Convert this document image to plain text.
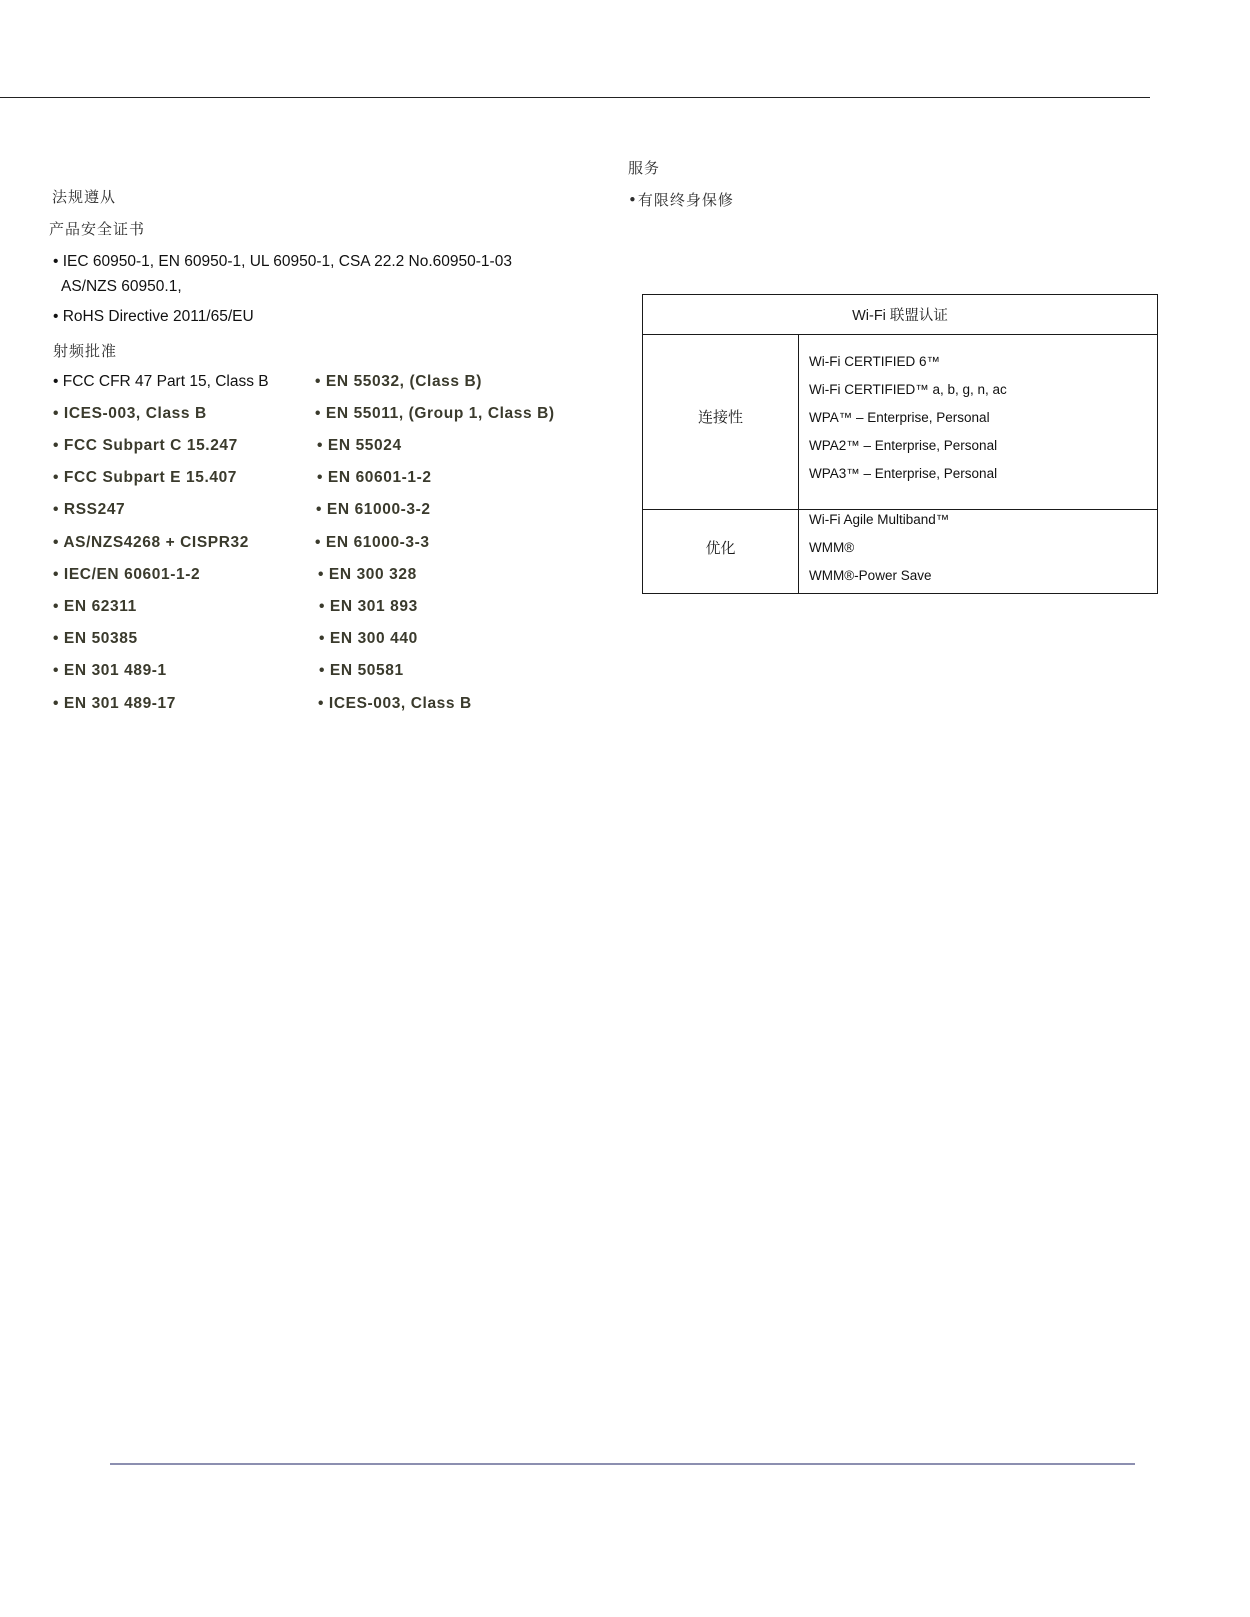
法规遵从
产品安全证书
• IEC 60950-1, EN 60950-1, UL 60950-1, CSA 22.2 No.60950-1-03
AS/NZS 60950.1,
• RoHS Directive 2011/65/EU
射频批准
• FCC CFR 47 Part 15, Class B
• ICES-003, Class B
• FCC Subpart C 15.247
• FCC Subpart E 15.407
• RSS247
• AS/NZS4268 + CISPR32
• IEC/EN 60601-1-2
• EN 62311
• EN 50385
• EN 301 489-1
• EN 301 489-17
• EN 55032, (Class B)
• EN 55011, (Group 1, Class B)
• EN 55024
• EN 60601-1-2
• EN 61000-3-2
• EN 61000-3-3
• EN 300 328
• EN 301 893
• EN 300 440
• EN 50581
• ICES-003, Class B
服务
•有限终身保修
Wi-Fi 联盟认证
连接性
Wi-Fi CERTIFIED 6™
Wi-Fi CERTIFIED™ a, b, g, n, ac
WPA™ – Enterprise, Personal
WPA2™ – Enterprise, Personal
WPA3™ – Enterprise, Personal
优化
Wi-Fi Agile Multiband™
WMM®
WMM®-Power Save
